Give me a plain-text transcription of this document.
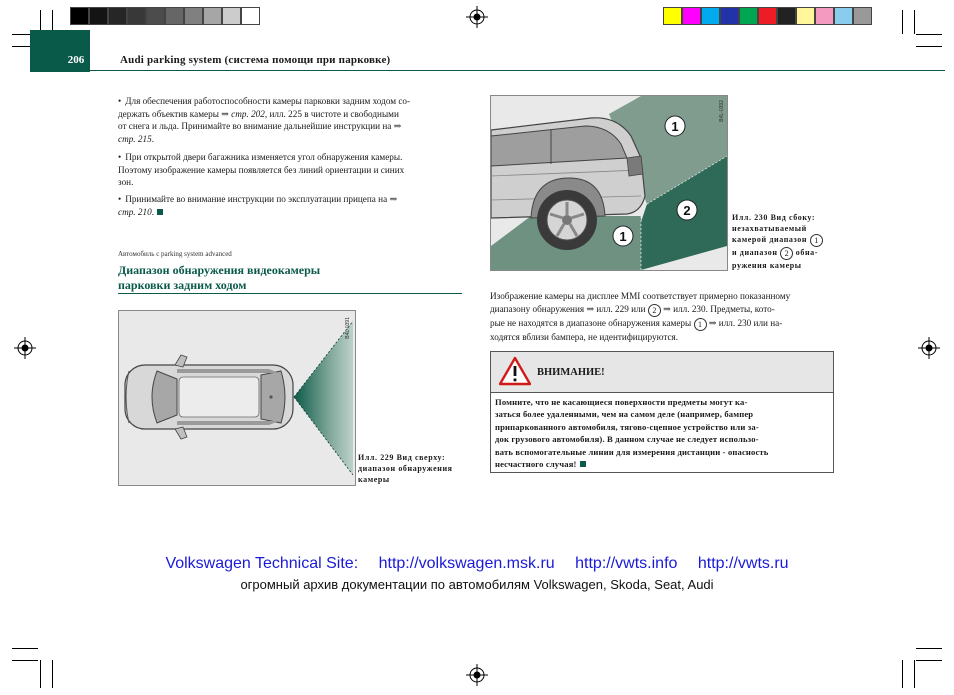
206	Audi parking system (система помощи при парковке)
• Для обеспечения работоспособности камеры парковки задним ходом со-
держать объектив камеры ⇒ стр. 202, илл. 225 в чистоте и свободными
от снега и льда. Принимайте во внимание дальнейшие инструкции на ⇒
стр. 215.
• При открытой двери багажника изменяется угол обнаружения камеры.
Поэтому изображение камеры появляется без линий ориентации и синих
зон.
• Принимайте во внимание инструкции по эксплуатации прицепа на ⇒
стр. 210.
Автомобиль с parking system advanced
Диапазон обнаружения видеокамеры
парковки задним ходом
B4L-0391
Илл. 229 Вид сверху:
диапазон обнаружения
камеры
1
2
1
B4L-0392
Илл. 230 Вид сбоку:
незахватываемый
камерой диапазон 1
и диапазон 2 обна-
ружения камеры
Изображение камеры на дисплее MMI соответствует примерно показанному
диапазону обнаружения ⇒ илл. 229 или 2 ⇒ илл. 230. Предметы, кото-
рые не находятся в диапазоне обнаружения камеры 1 ⇒ илл. 230 или на-
ходятся вблизи бампера, не идентифицируются.
ВНИМАНИЕ!
Помните, что не касающиеся поверхности предметы могут ка-
заться более удаленными, чем на самом деле (например, бампер
припаркованного автомобиля, тягово-сцепное устройство или за-
док грузового автомобиля). В данном случае не следует использо-
вать вспомогательные линии для измерения дистанции - опасность
несчастного случая!
Volkswagen Technical Site: http://volkswagen.msk.ru http://vwts.info http://vwts.ru
огромный архив документации по автомобилям Volkswagen, Skoda, Seat, Audi
